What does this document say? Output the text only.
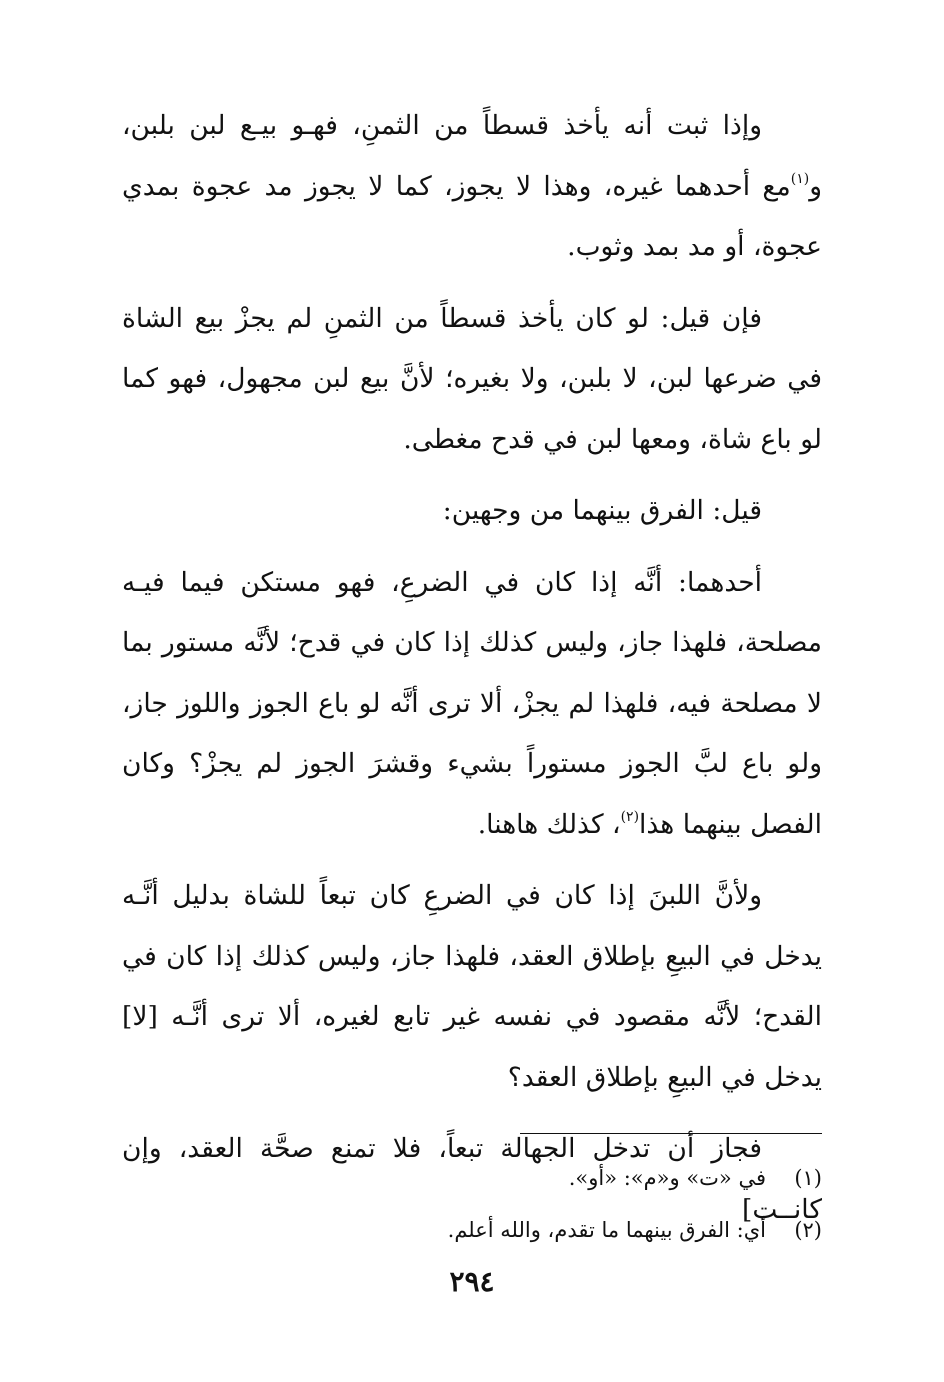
وإذا ثبت أنه يأخذ قسطاً من الثمنِ، فهـو بيـع لبن بلبن، و$^{(١)}$مع أحدهما غيره، وهذا لا يجوز، كما لا يجوز مد عجوة بمدي عجوة، أو مد بمد وثوب.

فإن قيل: لو كان يأخذ قسطاً من الثمنِ لم يجزْ بيع الشاة في ضرعها لبن، لا بلبن، ولا بغيره؛ لأنَّ بيع لبن مجهول، فهو كما لو باع شاة، ومعها لبن في قدح مغطى.

قيل: الفرق بينهما من وجهين:

أحدهما: أنَّه إذا كان في الضرعِ، فهو مستكن فيما فيـه مصلحة، فلهذا جاز، وليس كذلك إذا كان في قدح؛ لأنَّه مستور بما لا مصلحة فيه، فلهذا لم يجزْ، ألا ترى أنَّه لو باع الجوز واللوز جاز، ولو باع لبَّ الجوز مستوراً بشيء وقشرَ الجوز لم يجزْ؟ وكان الفصل بينهما هذا$^{(٢)}$، كذلك هاهنا.

ولأنَّ اللبنَ إذا كان في الضرعِ كان تبعاً للشاة بدليل أنَّـه يدخل في البيعِ بإطلاق العقد، فلهذا جاز، وليس كذلك إذا كان في القدح؛ لأنَّه مقصود في نفسه غير تابع لغيره، ألا ترى أنَّـه [لا] يدخل في البيعِ بإطلاق العقد؟

فجاز أن تدخل الجهالة تبعاً، فلا تمنع صحَّة العقد، وإن كانــت]

(١)
في «ت» و«م»: «أو».
(٢)
أي: الفرق بينهما ما تقدم، والله أعلم.
٢٩٤
